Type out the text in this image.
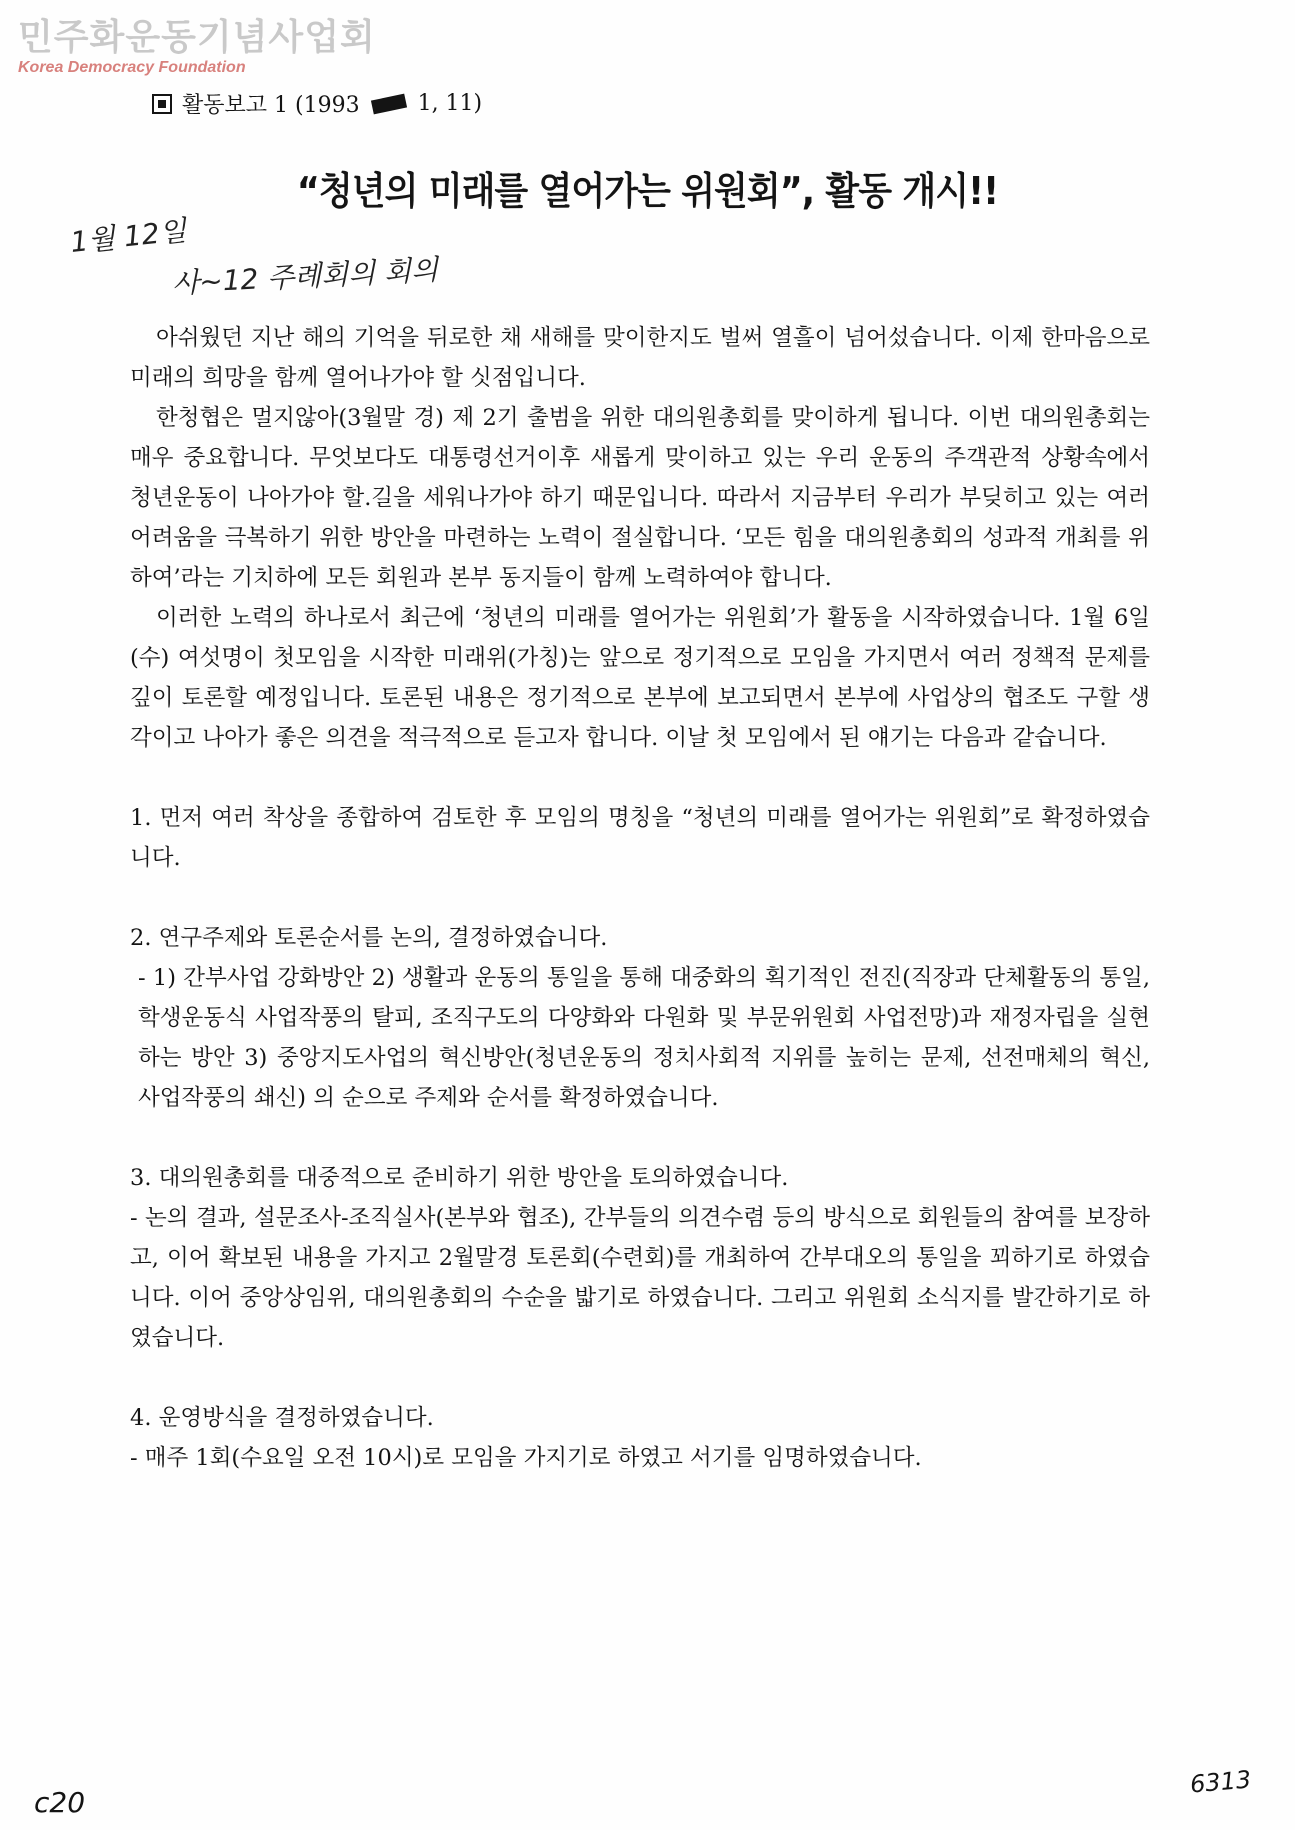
민주화운동기념사업회
Korea Democracy Foundation
활동보고 1 (1993	1, 11)
“청년의 미래를 열어가는 위원회”, 활동 개시!!
1월 12일
사~12 주례회의 회의

아쉬웠던 지난 해의 기억을 뒤로한 채 새해를 맞이한지도 벌써 열흘이 넘어섰습니다. 이제 한마음으로 미래의 희망을 함께 열어나가야 할 싯점입니다.

한청협은 멀지않아(3월말 경) 제 2기 출범을 위한 대의원총회를 맞이하게 됩니다. 이번 대의원총회는 매우 중요합니다. 무엇보다도 대통령선거이후 새롭게 맞이하고 있는 우리 운동의 주객관적 상황속에서 청년운동이 나아가야 할.길을 세워나가야 하기 때문입니다. 따라서 지금부터 우리가 부딪히고 있는 여러 어려움을 극복하기 위한 방안을 마련하는 노력이 절실합니다. ‘모든 힘을 대의원총회의 성과적 개최를 위하여’라는 기치하에 모든 회원과 본부 동지들이 함께 노력하여야 합니다.

이러한 노력의 하나로서 최근에 ‘청년의 미래를 열어가는 위원회’가 활동을 시작하였습니다. 1월 6일(수) 여섯명이 첫모임을 시작한 미래위(가칭)는 앞으로 정기적으로 모임을 가지면서 여러 정책적 문제를 깊이 토론할 예정입니다. 토론된 내용은 정기적으로 본부에 보고되면서 본부에 사업상의 협조도 구할 생각이고 나아가 좋은 의견을 적극적으로 듣고자 합니다. 이날 첫 모임에서 된 얘기는 다음과 같습니다.

1. 먼저 여러 착상을 종합하여 검토한 후 모임의 명칭을 “청년의 미래를 열어가는 위원회”로 확정하였습니다.

2. 연구주제와 토론순서를 논의, 결정하였습니다.

- 1) 간부사업 강화방안 2) 생활과 운동의 통일을 통해 대중화의 획기적인 전진(직장과 단체활동의 통일, 학생운동식 사업작풍의 탈피, 조직구도의 다양화와 다원화 및 부문위원회 사업전망)과 재정자립을 실현하는 방안 3) 중앙지도사업의 혁신방안(청년운동의 정치사회적 지위를 높히는 문제, 선전매체의 혁신, 사업작풍의 쇄신) 의 순으로 주제와 순서를 확정하였습니다.

3. 대의원총회를 대중적으로 준비하기 위한 방안을 토의하였습니다.

- 논의 결과, 설문조사-조직실사(본부와 협조), 간부들의 의견수렴 등의 방식으로 회원들의 참여를 보장하고, 이어 확보된 내용을 가지고 2월말경 토론회(수련회)를 개최하여 간부대오의 통일을 꾀하기로 하였습니다. 이어 중앙상임위, 대의원총회의 수순을 밟기로 하였습니다. 그리고 위원회 소식지를 발간하기로 하였습니다.

4. 운영방식을 결정하였습니다.

- 매주 1회(수요일 오전 10시)로 모임을 가지기로 하였고 서기를 임명하였습니다.

c20
6313
